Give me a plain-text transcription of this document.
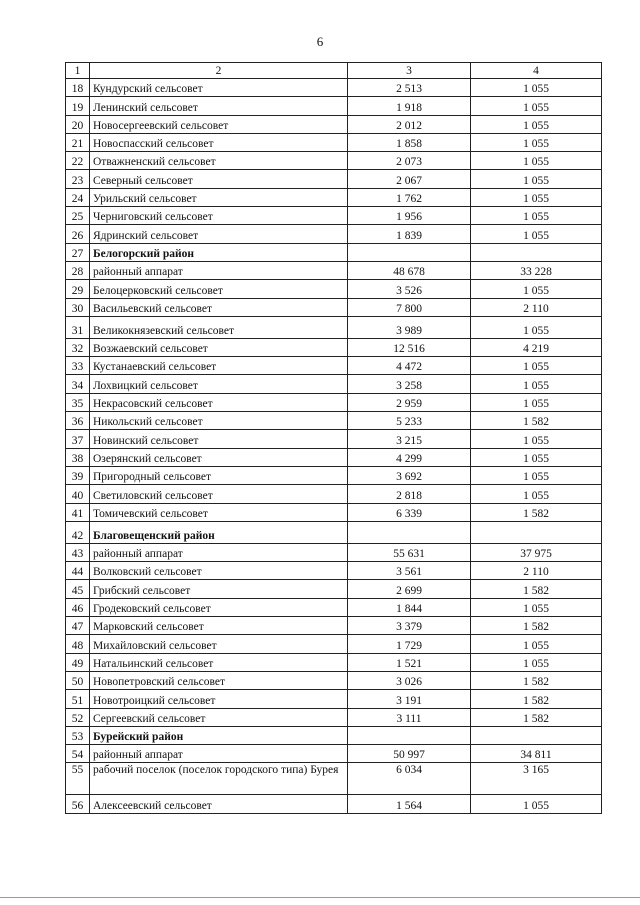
6
1	2	3	4
18	Кундурский сельсовет	2 513	1 055
19	Ленинский сельсовет	1 918	1 055
20	Новосергеевский сельсовет	2 012	1 055
21	Новоспасский сельсовет	1 858	1 055
22	Отважненский сельсовет	2 073	1 055
23	Северный сельсовет	2 067	1 055
24	Урильский сельсовет	1 762	1 055
25	Черниговский сельсовет	1 956	1 055
26	Ядринский сельсовет	1 839	1 055
27	Белогорский район		
28	районный аппарат	48 678	33 228
29	Белоцерковский сельсовет	3 526	1 055
30	Васильевский сельсовет	7 800	2 110
31	Великокнязевский сельсовет	3 989	1 055
32	Возжаевский сельсовет	12 516	4 219
33	Кустанаевский сельсовет	4 472	1 055
34	Лохвицкий сельсовет	3 258	1 055
35	Некрасовский сельсовет	2 959	1 055
36	Никольский сельсовет	5 233	1 582
37	Новинский сельсовет	3 215	1 055
38	Озерянский сельсовет	4 299	1 055
39	Пригородный сельсовет	3 692	1 055
40	Светиловский сельсовет	2 818	1 055
41	Томичевский сельсовет	6 339	1 582
42	Благовещенский район		
43	районный аппарат	55 631	37 975
44	Волковский сельсовет	3 561	2 110
45	Грибский сельсовет	2 699	1 582
46	Гродековский сельсовет	1 844	1 055
47	Марковский сельсовет	3 379	1 582
48	Михайловский сельсовет	1 729	1 055
49	Натальинский сельсовет	1 521	1 055
50	Новопетровский сельсовет	3 026	1 582
51	Новотроицкий сельсовет	3 191	1 582
52	Сергеевский сельсовет	3 111	1 582
53	Бурейский район		
54	районный аппарат	50 997	34 811
55	рабочий поселок (поселок городского типа) Бурея	6 034	3 165
56	Алексеевский сельсовет	1 564	1 055
